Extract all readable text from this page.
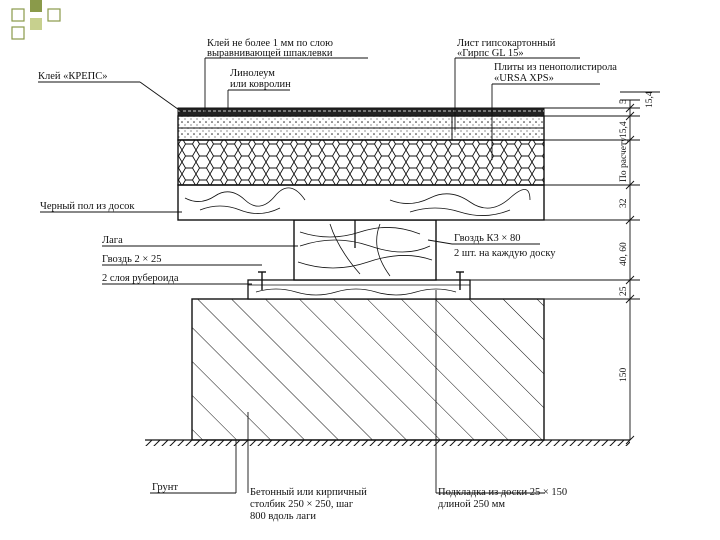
Клей не более 1 мм по слою
выравнивающей шпаклевки
Лист гипсокартонный
«Гирпс GL 15»
Клей «КРЕПС»	Линолеум
или ковролин
Плиты из пенополистирола
«URSA XPS»
Черный пол из досок
Лага	Гвоздь К3 × 80
2 шт. на каждую доску
Гвоздь 2 × 25
2 слоя рубероида
Грунт	Бетонный или кирпичный
столбик 250 × 250, шаг
800 вдоль лаги
Подкладка из доски 25 × 150
длиной 250 мм
5 15,4
15,4
По расчету
32
40, 60
25
150
